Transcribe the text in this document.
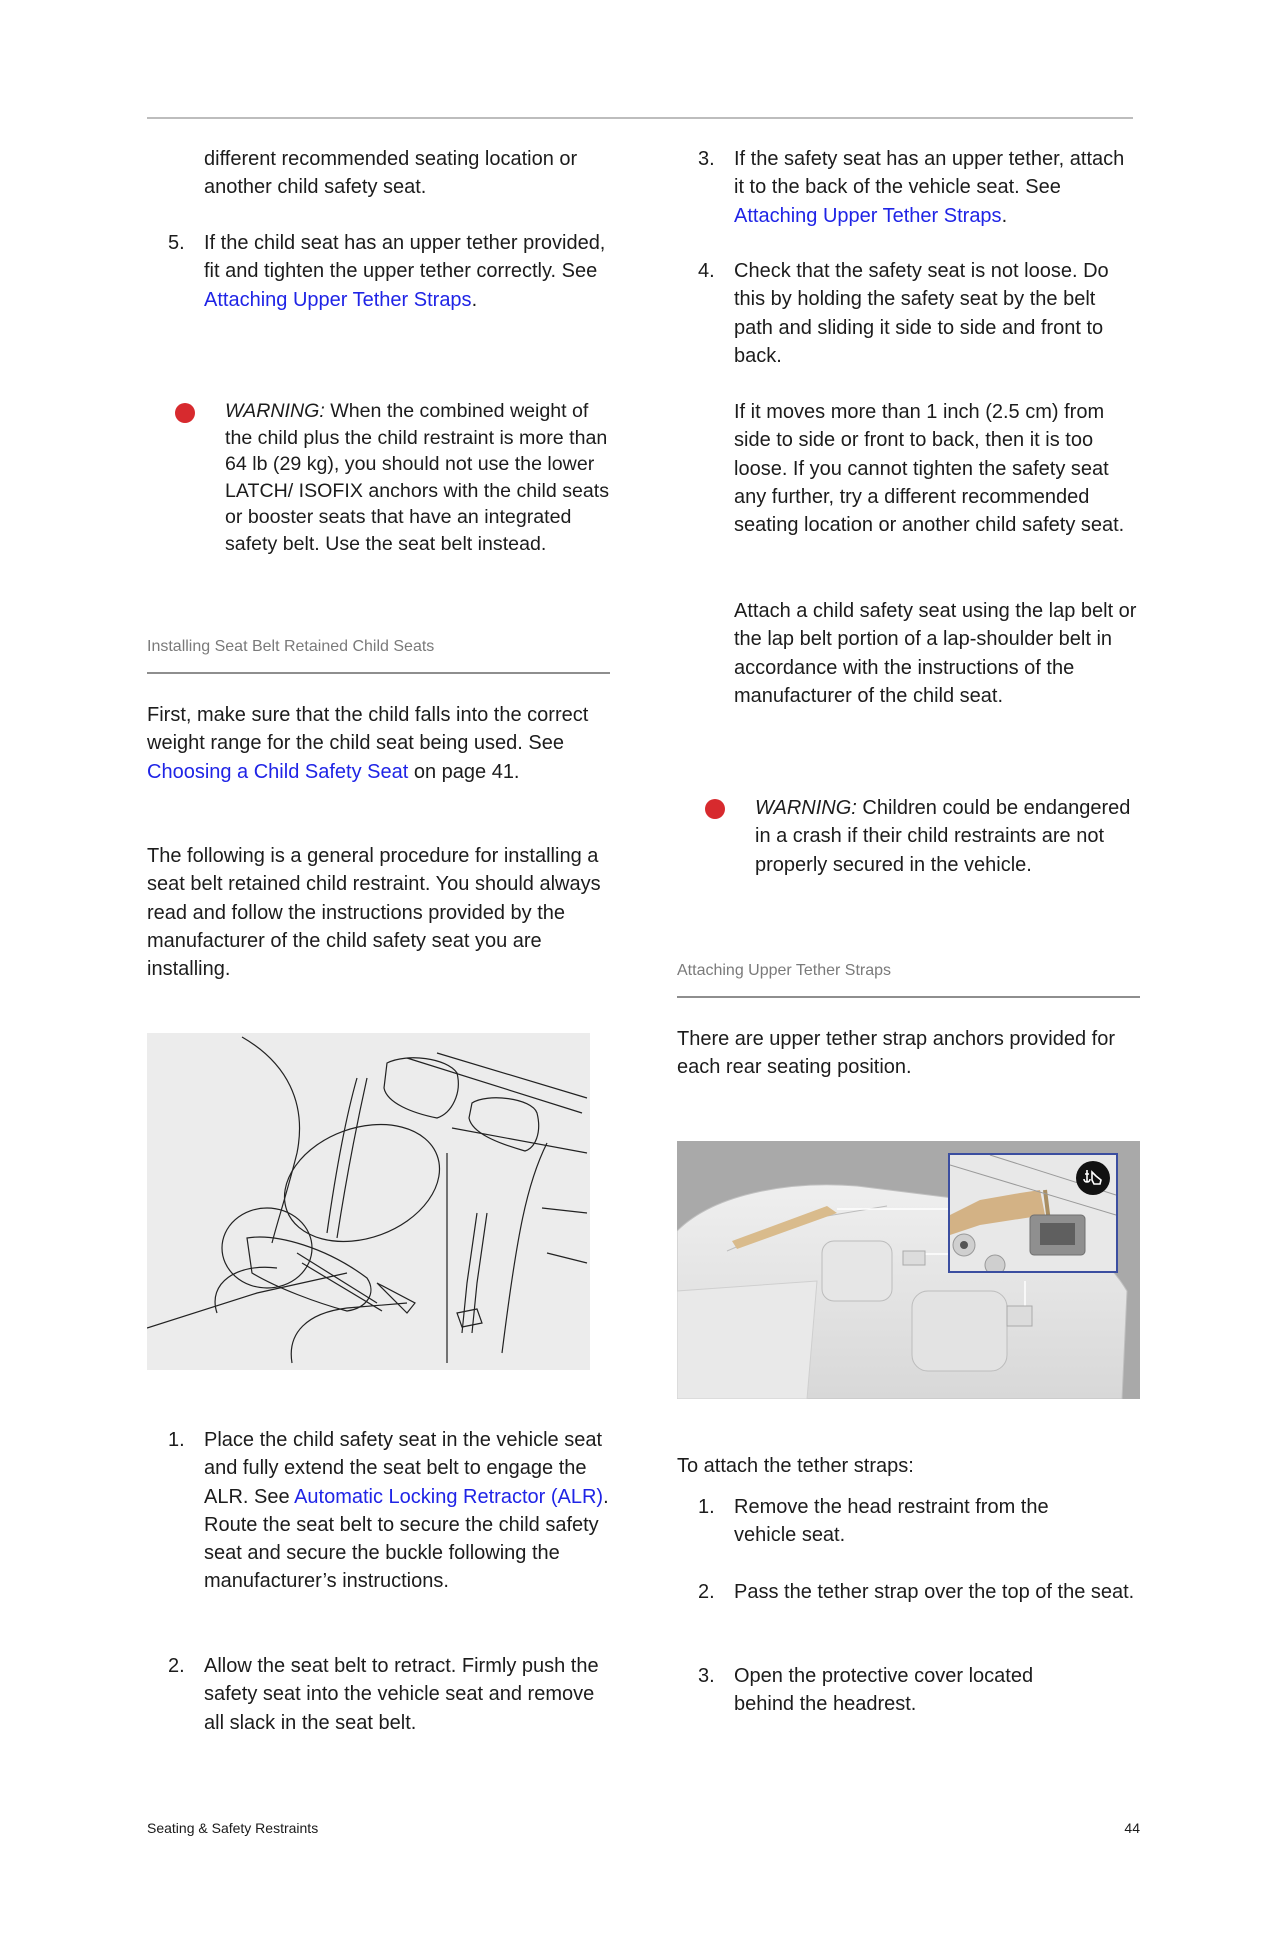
different recommended seating location or another child safety seat.

5. If the child seat has an upper tether provided, fit and tighten the upper tether correctly. See Attaching Upper Tether Straps.
WARNING: When the combined weight of the child plus the child restraint is more than 64 lb (29 kg), you should not use the lower LATCH/ ISOFIX anchors with the child seats or booster seats that have an integrated safety belt. Use the seat belt instead.
Installing Seat Belt Retained Child Seats

First, make sure that the child falls into the correct weight range for the child seat being used. See Choosing a Child Safety Seat on page 41.

The following is a general procedure for installing a seat belt retained child restraint. You should always read and follow the instructions provided by the manufacturer of the child safety seat you are installing.

1. Place the child safety seat in the vehicle seat and fully extend the seat belt to engage the ALR. See Automatic Locking Retractor (ALR). Route the seat belt to secure the child safety seat and secure the buckle following the manufacturer’s instructions.
2. Allow the seat belt to retract. Firmly push the safety seat into the vehicle seat and remove all slack in the seat belt.
3. If the safety seat has an upper tether, attach it to the back of the vehicle seat. See Attaching Upper Tether Straps.
4. Check that the safety seat is not loose. Do this by holding the safety seat by the belt path and sliding it side to side and front to back.

If it moves more than 1 inch (2.5 cm) from side to side or front to back, then it is too loose. If you cannot tighten the safety seat any further, try a different recommended seating location or another child safety seat.

Attach a child safety seat using the lap belt or the lap belt portion of a lap-shoulder belt in accordance with the instructions of the manufacturer of the child seat.

WARNING: Children could be endangered in a crash if their child restraints are not properly secured in the vehicle.
Attaching Upper Tether Straps

There are upper tether strap anchors provided for each rear seating position.

To attach the tether straps:

1. Remove the head restraint from the vehicle seat.
2. Pass the tether strap over the top of the seat.
3. Open the protective cover located behind the headrest.
Seating & Safety Restraints	44
